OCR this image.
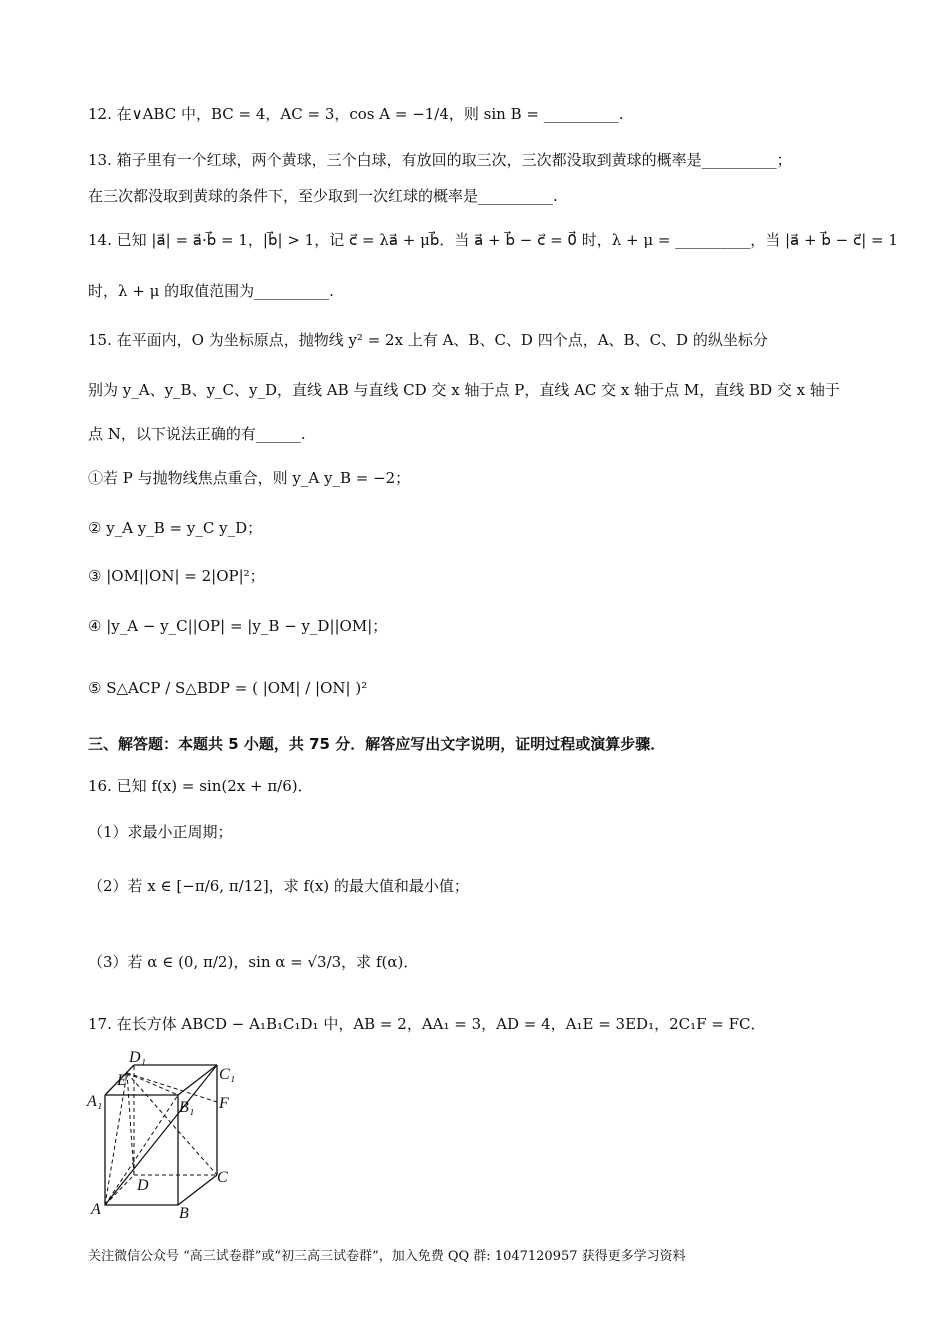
12. 在∨ABC 中，BC = 4，AC = 3，cos A = −1/4，则 sin B = __________.
13. 箱子里有一个红球，两个黄球，三个白球，有放回的取三次，三次都没取到黄球的概率是__________；
在三次都没取到黄球的条件下，至少取到一次红球的概率是__________.
14. 已知 |a⃗| = a⃗·b⃗ = 1，|b⃗| > 1，记 c⃗ = λa⃗ + μb⃗．当 a⃗ + b⃗ − c⃗ = 0⃗ 时，λ + μ = __________，当 |a⃗ + b⃗ − c⃗| = 1
时，λ + μ 的取值范围为__________.
15. 在平面内，O 为坐标原点，抛物线 y² = 2x 上有 A、B、C、D 四个点，A、B、C、D 的纵坐标分
别为 y_A、y_B、y_C、y_D，直线 AB 与直线 CD 交 x 轴于点 P，直线 AC 交 x 轴于点 M，直线 BD 交 x 轴于
点 N，以下说法正确的有______.
①若 P 与抛物线焦点重合，则 y_A y_B = −2；
② y_A y_B = y_C y_D；
③ |OM||ON| = 2|OP|²；
④ |y_A − y_C||OP| = |y_B − y_D||OM|；
⑤ S△ACP / S△BDP = ( |OM| / |ON| )²
三、解答题：本题共 5 小题，共 75 分．解答应写出文字说明，证明过程或演算步骤．
16. 已知 f(x) = sin(2x + π/6)．
（1）求最小正周期；
（2）若 x ∈ [−π/6, π/12]，求 f(x) 的最大值和最小值；
（3）若 α ∈ (0, π/2)，sin α = √3/3，求 f(α)．
17. 在长方体 ABCD − A₁B₁C₁D₁ 中，AB = 2，AA₁ = 3，AD = 4，A₁E = 3ED₁，2C₁F = FC．
D₁
C₁
E
A₁	B₁ F
C
D
A	B
关注微信公众号 “高三试卷群”或“初三高三试卷群”，加入免费 QQ 群: 1047120957 获得更多学习资料
